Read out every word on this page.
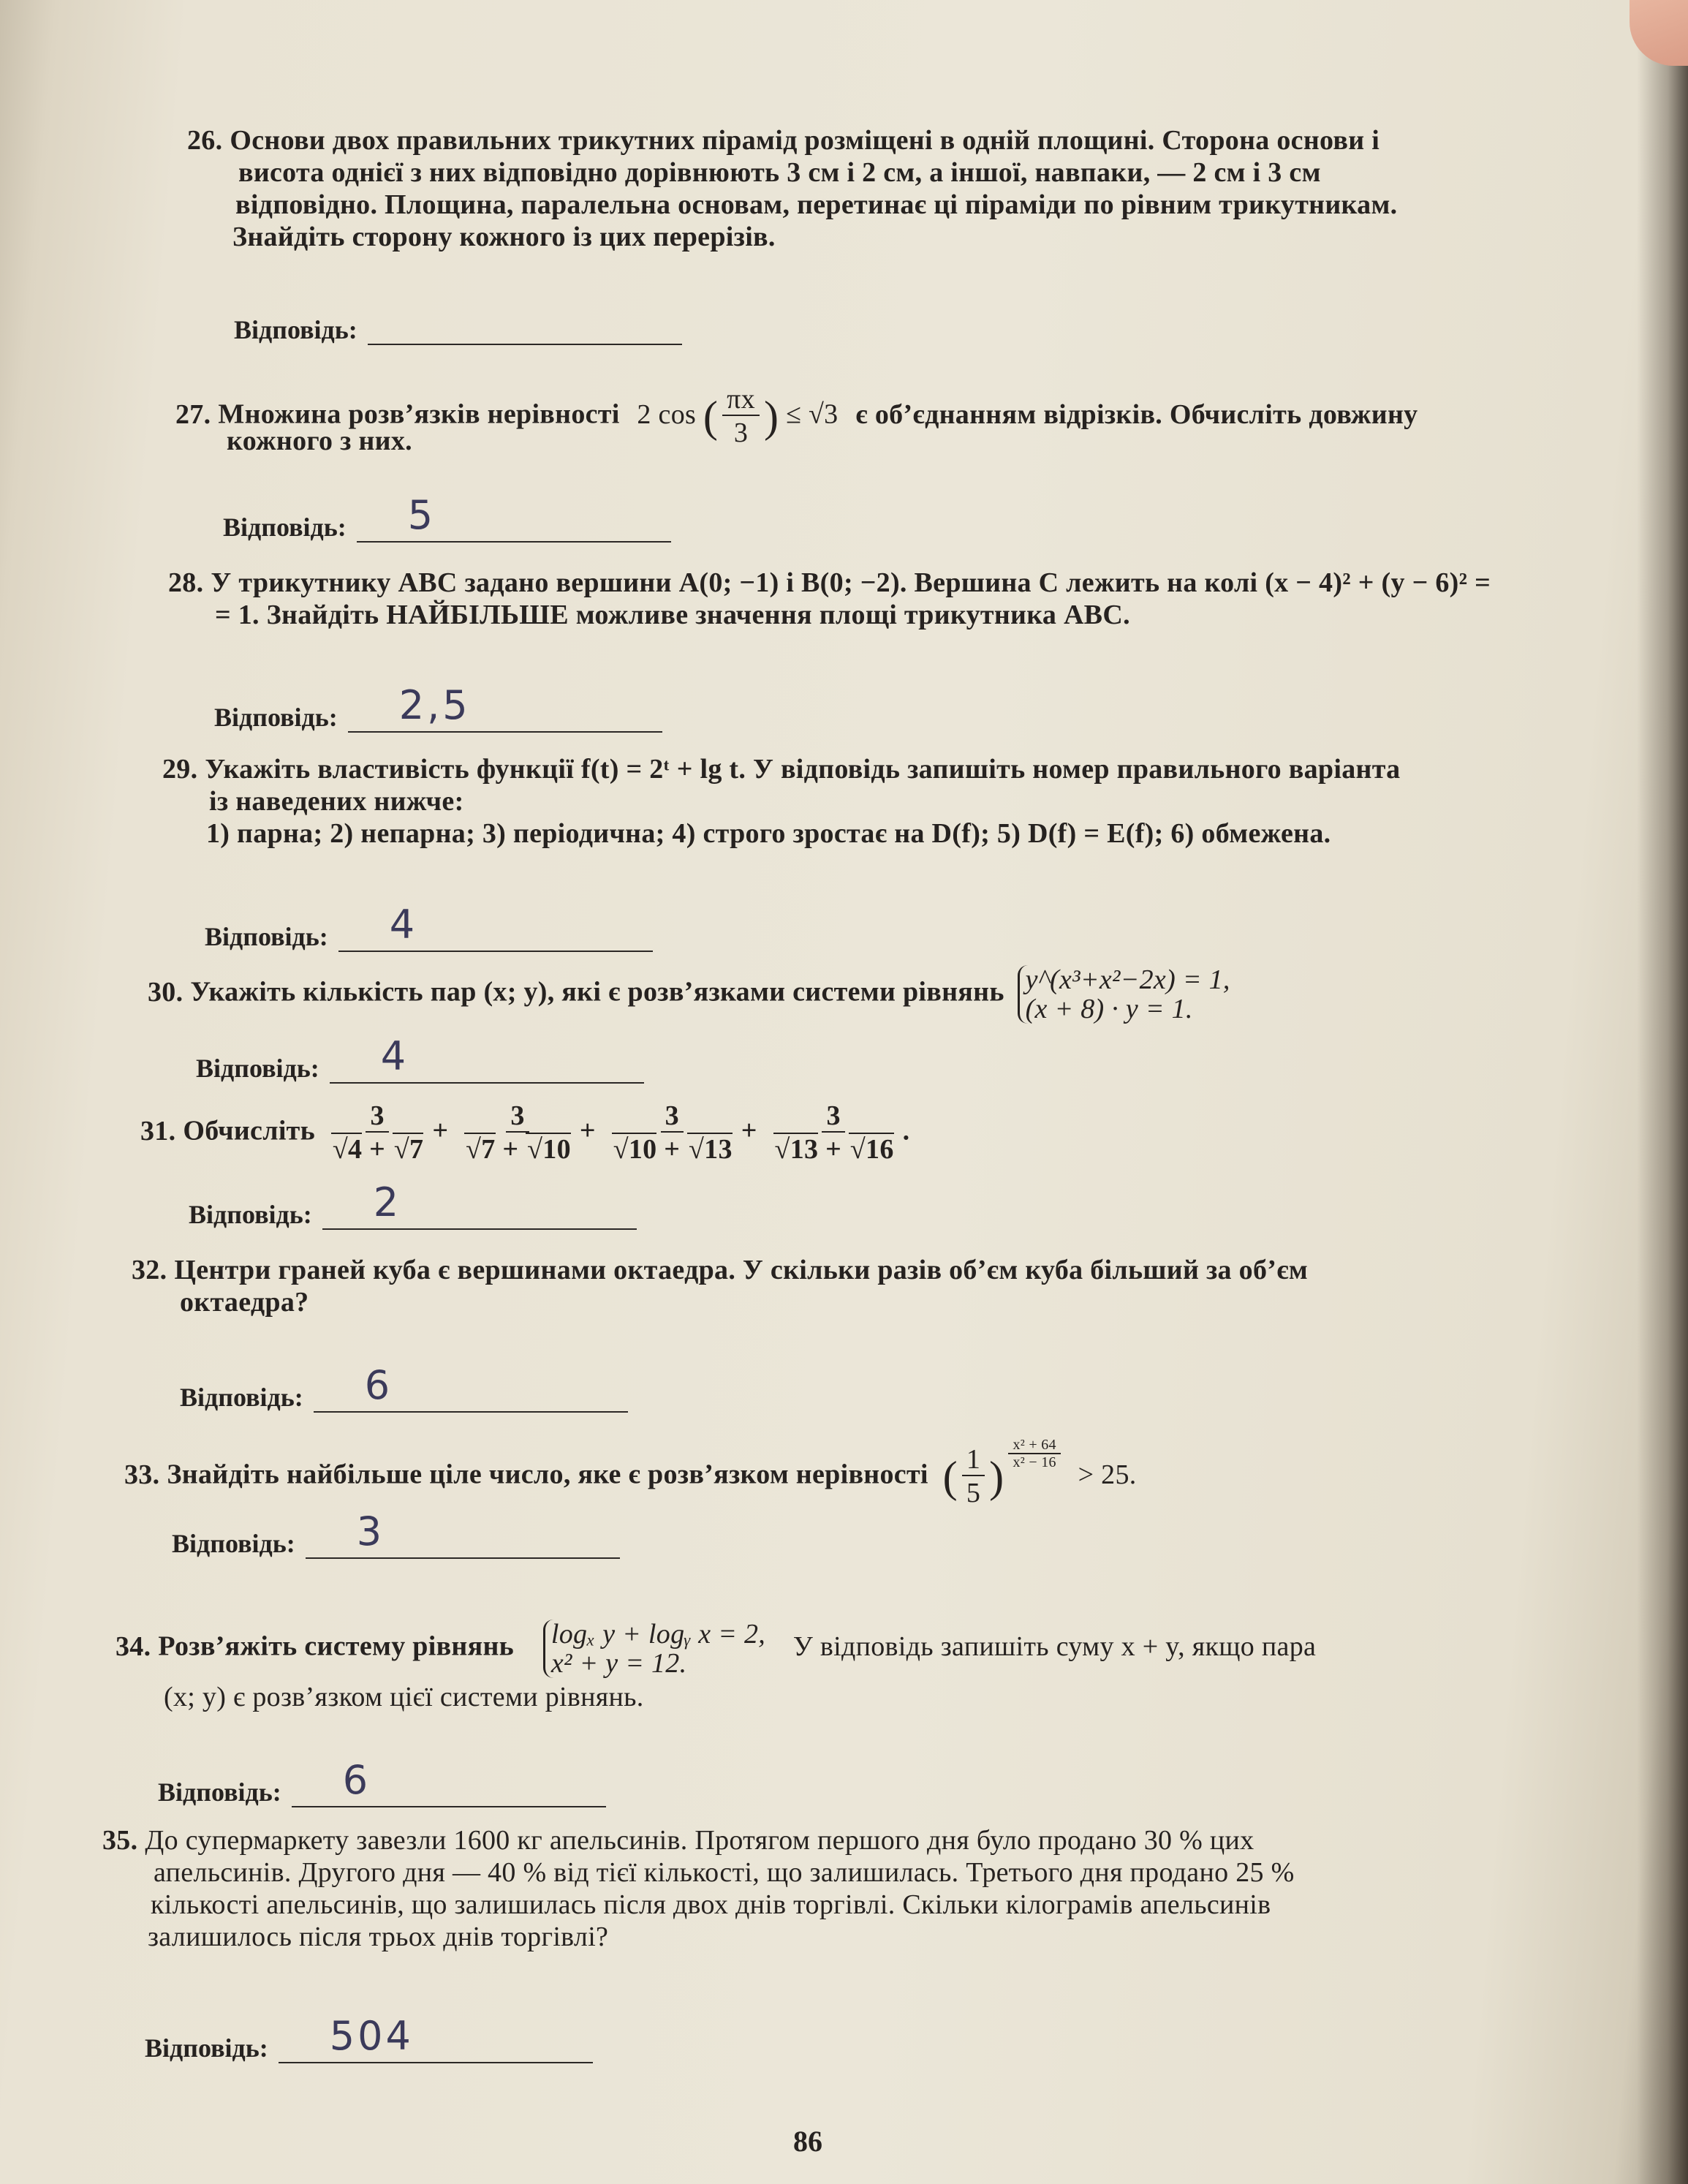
26. Основи двох правильних трикутних пірамід розміщені в одній площині. Сторона основи і
висота однієї з них відповідно дорівнюють 3 см і 2 см, а іншої, навпаки, — 2 см і 3 см
відповідно. Площина, паралельна основам, перетинає ці піраміди по рівним трикутникам.
Знайдіть сторону кожного із цих перерізів.
Відповідь:
27. Множина розв’язків нерівності 2 cos ( $\frac{\pi x}{3}$ ) ≤ √3 є об’єднанням відрізків. Обчисліть довжину
кожного з них.
Відповідь: 5
28. У трикутнику ABC задано вершини A(0; −1) і B(0; −2). Вершина C лежить на колі (x − 4)² + (y − 6)² =
= 1. Знайдіть НАЙБІЛЬШЕ можливе значення площі трикутника ABC.
Відповідь: 2,5
29. Укажіть властивість функції f(t) = 2ᵗ + lg t. У відповідь запишіть номер правильного варіанта
із наведених нижче:
1) парна; 2) непарна; 3) періодична; 4) строго зростає на D(f); 5) D(f) = E(f); 6) обмежена.
Відповідь: 4
30. Укажіть кількість пар (x; y), які є розв’язками системи рівнянь y^(x³+x²−2x) = 1,
(x + 8) · y = 1.
Відповідь: 4
31. Обчисліть $\frac{3}{√4 + √7} + \frac{3}{√7 + √10} + \frac{3}{√10 + √13} + \frac{3}{√13 + √16}$ .
Відповідь: 2
32. Центри граней куба є вершинами октаедра. У скільки разів об’єм куба більший за об’єм
октаедра?
Відповідь: 6
33. Знайдіть найбільше ціле число, яке є розв’язком нерівності ( $\frac{1}{5}$ ) $\frac{\text{x² + 64}}{\text{x² − 16}}$
> 25.
Відповідь: 3
34. Розв’яжіть систему рівнянь logₓ y + logᵧ x = 2,
x² + y = 12.
У відповідь запишіть суму x + y, якщо пара
(x; y) є розв’язком цієї системи рівнянь.
Відповідь: 6
35. До супермаркету завезли 1600 кг апельсинів. Протягом першого дня було продано 30 % цих
апельсинів. Другого дня — 40 % від тієї кількості, що залишилась. Третього дня продано 25 %
кількості апельсинів, що залишилась після двох днів торгівлі. Скільки кілограмів апельсинів
залишилось після трьох днів торгівлі?
Відповідь: 504
86
